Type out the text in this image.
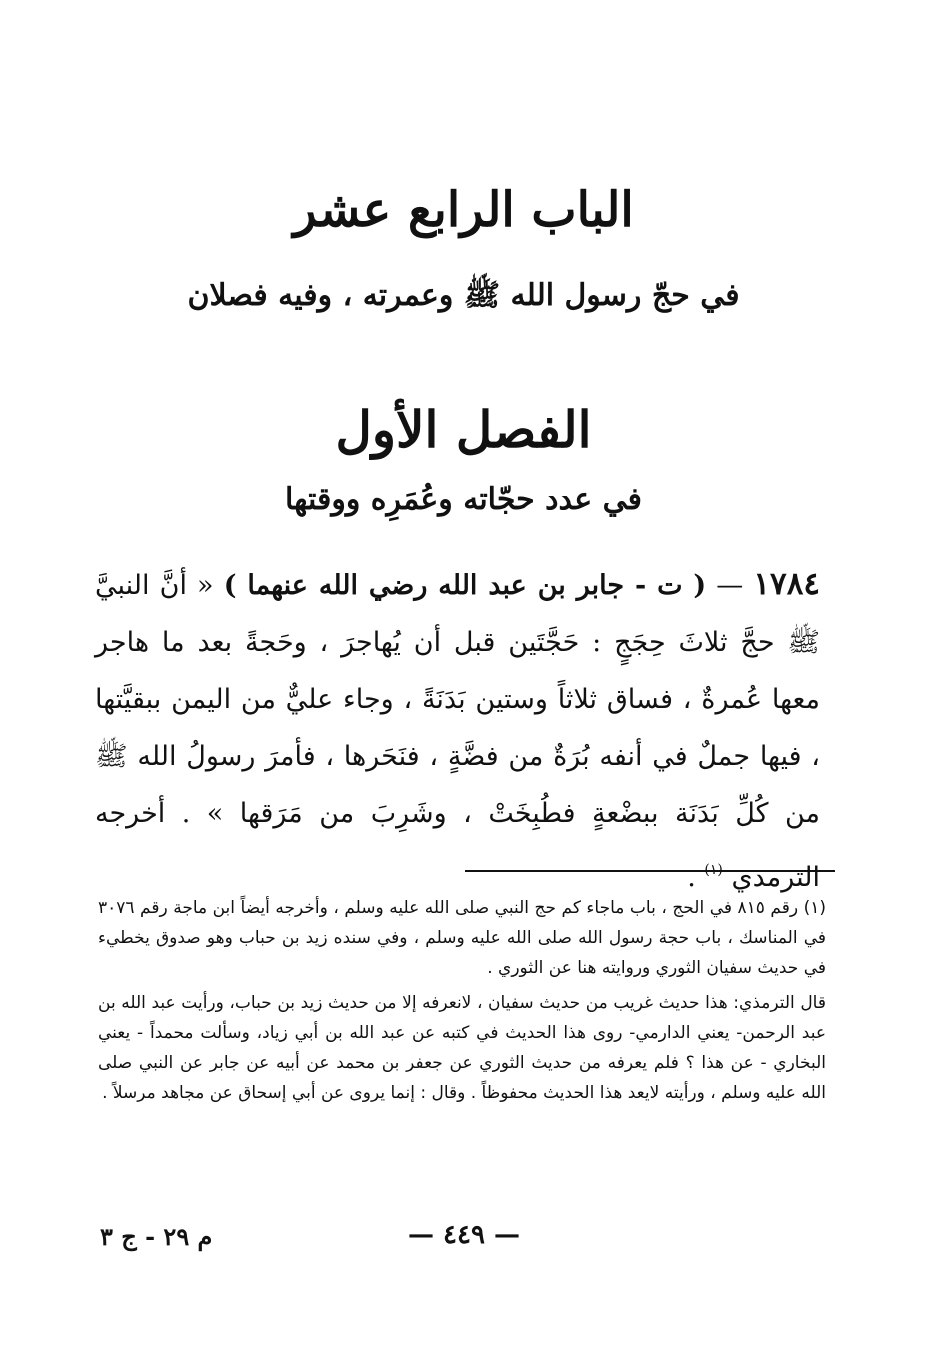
الباب الرابع عشر
في حجّ رسول الله ﷺ وعمرته ، وفيه فصلان
الفصل الأول
في عدد حجّاته وعُمَرِه ووقتها

١٧٨٤ — ( ت - جابر بن عبد الله رضي الله عنهما ) « أنَّ النبيَّ ﷺ حجَّ ثلاثَ حِجَجٍ : حَجَّتَين قبل أن يُهاجرَ ، وحَجةً بعد ما هاجر معها عُمرةٌ ، فساق ثلاثاً وستين بَدَنَةً ، وجاء عليٌّ من اليمن ببقيَّتها ، فيها جملٌ في أنفه بُرَةٌ من فضَّةٍ ، فنَحَرها ، فأمرَ رسولُ الله ﷺ من كُلِّ بَدَنَة ببضْعةٍ فطُبِخَتْ ، وشَرِبَ من مَرَقها » . أخرجه الترمذي $^{(١)}$ .

(١) رقم ٨١٥ في الحج ، باب ماجاء كم حج النبي صلى الله عليه وسلم ، وأخرجه أيضاً ابن ماجة رقم ٣٠٧٦ في المناسك ، باب حجة رسول الله صلى الله عليه وسلم ، وفي سنده زيد بن حباب وهو صدوق يخطيء في حديث سفيان الثوري وروايته هنا عن الثوري .

قال الترمذي: هذا حديث غريب من حديث سفيان ، لانعرفه إلا من حديث زيد بن حباب، ورأيت عبد الله بن عبد الرحمن- يعني الدارمي- روى هذا الحديث في كتبه عن عبد الله بن أبي زياد، وسألت محمداً - يعني البخاري - عن هذا ؟ فلم يعرفه من حديث الثوري عن جعفر بن محمد عن أبيه عن جابر عن النبي صلى الله عليه وسلم ، ورأيته لايعد هذا الحديث محفوظاً . وقال : إنما يروى عن أبي إسحاق عن مجاهد مرسلاً .

— ٤٤٩ —
م ٢٩ - ج ٣
